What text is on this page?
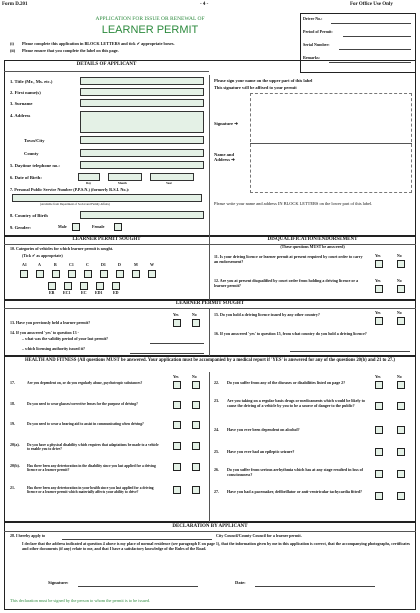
Form D.201	- 4 -	For Office Use Only
APPLICATION FOR ISSUE OR RENEWAL OF
LEARNER PERMIT
(i) Please complete this application in BLOCK LETTERS and tick ✔ appropriate boxes.
(ii) Please ensure that you complete the label on this page.
Driver No.:
Period of Permit:
Serial Number:
Remarks:
DETAILS OF APPLICANT
1. Title (Mr., Ms. etc.)
2. First name(s)
3. Surname
4. Address
Town/City
County
5. Daytime telephone no.:
6. Date of Birth:
Day	Month	Year
7. Personal Public Service Number (P.P.S.N.) (formerly R.S.I. No.):
(Available from Department of Social and Family Affairs)
8. Country of Birth
9. Gender:	Male	Female
Please sign your name on the upper part of this label
This signature will be affixed to your permit
Signature ➔
Name and Address ➔
Please write your name and address IN BLOCK LETTERS on the lower part of this label.
LEARNER PERMIT SOUGHT
10. Categories of vehicles for which learner permit is sought.
(Tick ✔ as appropriate)
A1	A	B	C1	C	D1	D	M	W
EB EC1	EC ED1	ED
DISQUALIFICATION/ENDORSEMENT
(These questions MUST be answered)
11. Is your driving licence or learner permit at present required by court order to carry an endorsement?
Yes	No
12. Are you at present disqualified by court order from holding a driving licence or a learner permit?
Yes	No
LEARNER PERMIT SOUGHT
Yes	No
13. Have you previously held a learner permit?
14. If you answered 'yes' to question 13 -
– what was the validity period of your last permit?
– which licensing authority issued it?
15. Do you hold a driving licence issued by any other country?	Yes	No
16. If you answered 'yes' to question 15, from what country do you hold a driving licence?
HEALTH AND FITNESS (All questions MUST be answered. Your application must be accompanied by a medical report if 'YES' is answered for any of the questions 20(b) and 21 to 27.)
Yes	No
17.	Are you dependent on, or do you regularly abuse, psychotropic substances?
18.	Do you need to wear glasses/corrective lenses for the purpose of driving?
19.	Do you need to wear a hearing aid to assist in communicating when driving?
20(a). Do you have a physical disability which requires that adaptations be made to a vehicle to enable you to drive?
20(b). Has there been any deterioration in the disability since you last applied for a driving licence or a learner permit?
21.	Has there been any deterioration in your health since you last applied for a driving licence or a learner permit which materially affects your ability to drive?
Yes	No
22. Do you suffer from any of the diseases or disabilities listed on page 2?
23. Are you taking on a regular basis drugs or medicaments which would be likely to cause the driving of a vehicle by you to be a source of danger to the public?
24. Have you ever been dependent on alcohol?
25. Have you ever had an epileptic seizure?
26. Do you suffer from serious arrhythmia which has at any stage resulted in loss of consciousness?
27. Have you had a pacemaker, defibrillator or anti-ventricular tachycardia fitted?
DECLARATION BY APPLICANT
28. I hereby apply to	City Council/County Council for a learner permit.
I declare that the address indicated at question 4 above is my place of normal residence (see paragraph E on page 1), that the information given by me in this application is correct, that the accompanying photographs, certificates and other documents (if any) relate to me, and that I have a satisfactory knowledge of the Rules of the Road.
Signature:	Date:
This declaration must be signed by the person to whom the permit is to be issued.
